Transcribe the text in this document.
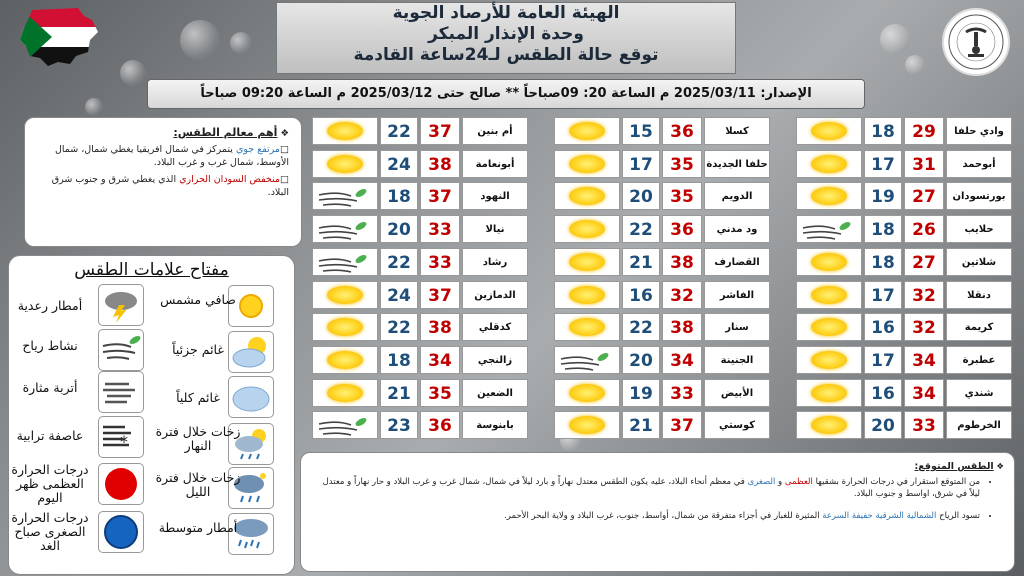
الهيئة العامة للأرصاد الجوية
وحدة الإنذار المبكر
توقع حالة الطقس لـ24ساعة القادمة
الإصدار: 2025/03/11 م الساعة 20: 09صباحاً ** صالح حتى 2025/03/12 م الساعة 09:20 صباحاً
❖ أهم معالم الطقس:

□مرتفع جوي يتمركز في شمال افريقيا يغطي شمال، شمال الأوسط، شمال غرب و غرب البلاد.

□منخفض السودان الحراري الذي يغطي شرق و جنوب شرق البلاد.

مفتاح علامات الطقس
صافي مشمس
أمطار رعدية
غائم جزئياً
نشاط رياح
غائم كلياً
أتربة مثارة
زخات خلال فترة النهار
∗
عاصفة ترابية
زخات خلال فترة الليل
درجات الحرارة العظمى ظهر اليوم
أمطار متوسطة
درجات الحرارة الصغرى صباح الغد
❖ الطقس المتوقع:
• من المتوقع استقرار في درجات الحرارة بشقيها العظمى و الصغرى في معظم أنحاء البلاد، عليه يكون الطقس معتدل نهاراً و بارد ليلاً في شمال، شمال غرب و غرب البلاد و حار نهاراً و معتدل ليلاً في شرق، اواسط و جنوب البلاد.
• تسود الرياح الشمالية الشرقية خفيفة السرعة المثيرة للغبار في أجزاء متفرقة من شمال، أواسط، جنوب، غرب البلاد و ولاية البحر الأحمر.
18	29	وادي حلفا
17	31	أبوحمد
19	27	بورتسودان
18	26	حلايب
18	27	شلاتين
17	32	دنقلا
16	32	كريمة
17	34	عطبرة
16	34	شندي
20	33	الخرطوم
15	36	كسلا
17	35	حلفا الجديدة
20	35	الدويم
22	36	ود مدني
21	38	القضارف
16	32	الفاشر
22	38	سنار
20	34	الجنينة
19	33	الأبيض
21	37	كوستي
22	37	أم بنين
24	38	أبونعامة
18	37	النهود
20	33	نيالا
22	33	رشاد
24	37	الدمازين
22	38	كدقلي
18	34	زالنجي
21	35	الضعين
23	36	بابنوسة
